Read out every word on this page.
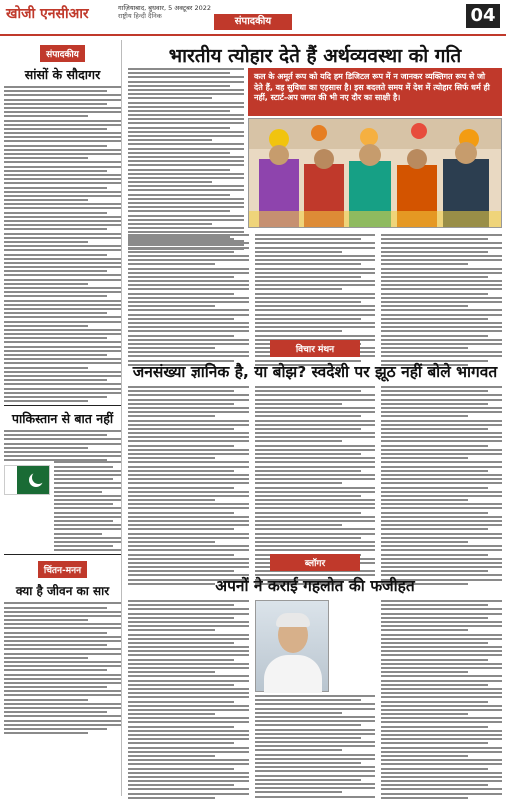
खोजी एनसीआर	गाज़ियाबाद, बुधवार, 5 अक्टूबर 2022
राष्ट्रीय हिन्दी दैनिक	संपादकीय	04
संपादकीय
सांसों के सौदागर
पाकिस्तान से बात नहीं
चिंतन-मनन
क्या है जीवन का सार
भारतीय त्योहार देते हैं अर्थव्यवस्था को गति
कल के अमूर्त रूप को यदि हम डिजिटल रूप में न जानकर व्यक्तिगत रूप से जो देते हैं, वह सुविधा का एहसास है। इस बदलते समय में देश में त्योहार सिर्फ धर्म ही नहीं, स्टार्ट-अप जगत की भी नए दौर का साक्षी है।
विचार मंथन
जनसंख्या ज्ञानिक है, या बोझ? स्वदेशी पर झूठ नहीं बोले भागवत
ब्लॉगर
अपनों ने कराई गहलोत की फजीहत
